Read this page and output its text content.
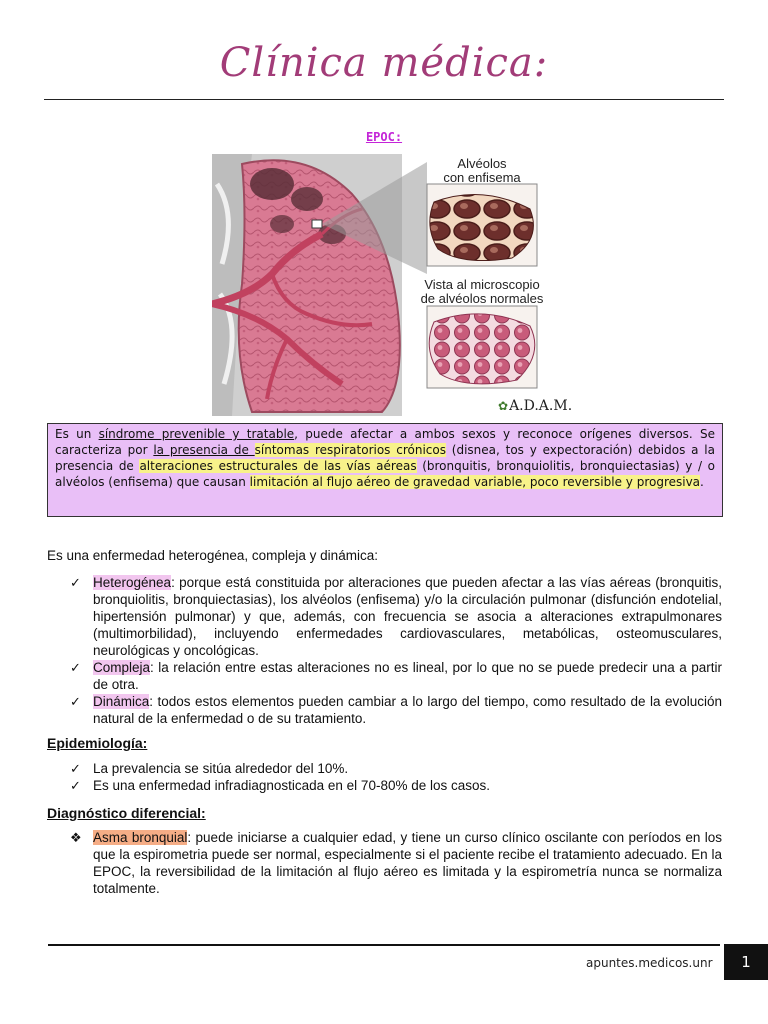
Clínica médica:
EPOC:
Alvéolos
con enfisema
Vista al microscopio
de alvéolos normales
✿A.D.A.M.
Es un síndrome prevenible y tratable, puede afectar a ambos sexos y reconoce orígenes diversos. Se caracteriza por la presencia de síntomas respiratorios crónicos (disnea, tos y expectoración) debidos a la presencia de alteraciones estructurales de las vías aéreas (bronquitis, bronquiolitis, bronquiectasias) y / o alvéolos (enfisema) que causan limitación al flujo aéreo de gravedad variable, poco reversible y progresiva.
Es una enfermedad heterogénea, compleja y dinámica:
✓ Heterogénea: porque está constituida por alteraciones que pueden afectar a las vías aéreas (bronquitis, bronquiolitis, bronquiectasias), los alvéolos (enfisema) y/o la circulación pulmonar (disfunción endotelial, hipertensión pulmonar) y que, además, con frecuencia se asocia a alteraciones extrapulmonares (multimorbilidad), incluyendo enfermedades cardiovasculares, metabólicas, osteomusculares, neurológicas y oncológicas.
✓ Compleja: la relación entre estas alteraciones no es lineal, por lo que no se puede predecir una a partir de otra.
✓ Dinámica: todos estos elementos pueden cambiar a lo largo del tiempo, como resultado de la evolución natural de la enfermedad o de su tratamiento.
Epidemiología:
✓ La prevalencia se sitúa alrededor del 10%.
✓ Es una enfermedad infradiagnosticada en el 70-80% de los casos.
Diagnóstico diferencial:
❖ Asma bronquial: puede iniciarse a cualquier edad, y tiene un curso clínico oscilante con períodos en los que la espirometria puede ser normal, especialmente si el paciente recibe el tratamiento adecuado. En la EPOC, la reversibilidad de la limitación al flujo aéreo es limitada y la espirometría nunca se normaliza totalmente.
apuntes.medicos.unr	1
